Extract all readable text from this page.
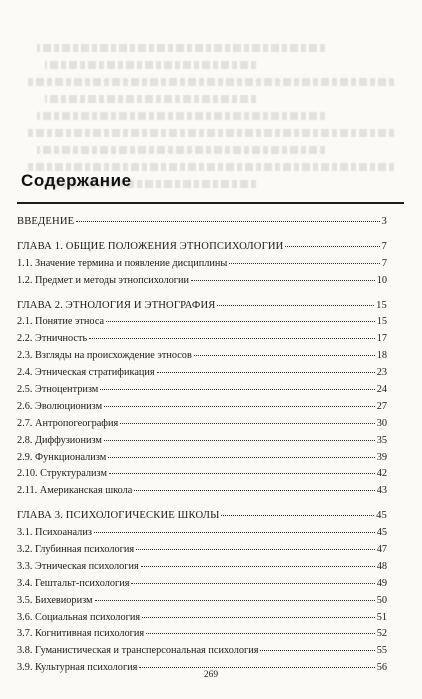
Содержание
ВВЕДЕНИЕ	3
ГЛАВА 1. ОБЩИЕ ПОЛОЖЕНИЯ ЭТНОПСИХОЛОГИИ	7
1.1. Значение термина и появление дисциплины	7
1.2. Предмет и методы этнопсихологии	10
ГЛАВА 2. ЭТНОЛОГИЯ И ЭТНОГРАФИЯ	15
2.1. Понятие этноса	15
2.2. Этничность	17
2.3. Взгляды на происхождение этносов	18
2.4. Этническая стратификация	23
2.5. Этноцентризм	24
2.6. Эволюционизм	27
2.7. Антропогеография	30
2.8. Диффузионизм	35
2.9. Функционализм	39
2.10. Структурализм	42
2.11. Американская школа	43
ГЛАВА 3. ПСИХОЛОГИЧЕСКИЕ ШКОЛЫ	45
3.1. Психоанализ	45
3.2. Глубинная психология	47
3.3. Этническая психология	48
3.4. Гештальт-психология	49
3.5. Бихевиоризм	50
3.6. Социальная психология	51
3.7. Когнитивная психология	52
3.8. Гуманистическая и трансперсональная психология	55
3.9. Культурная психология	56
269
